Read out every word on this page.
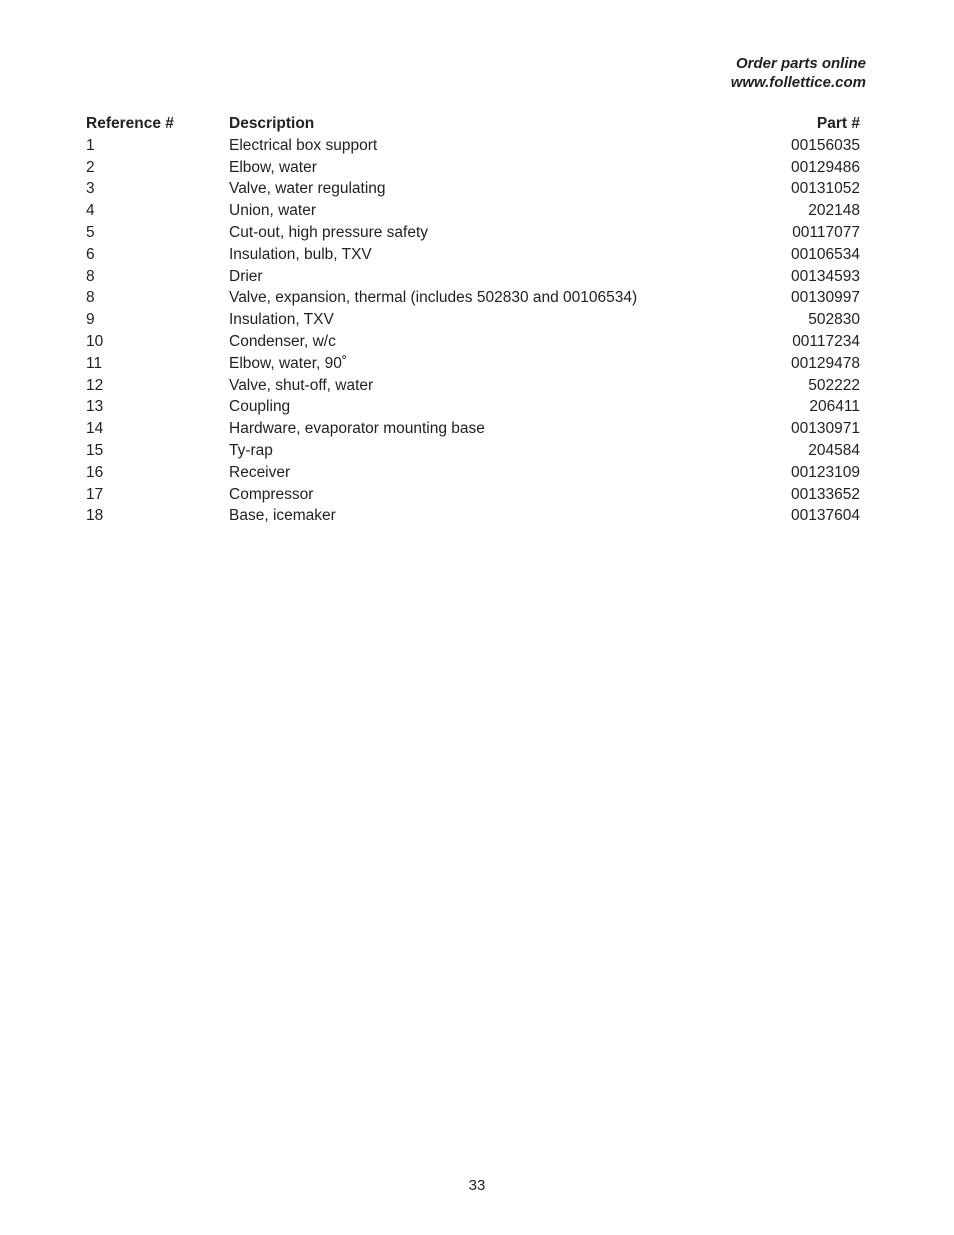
Order parts online
www.follettice.com
Reference #	Description	Part #
1	Electrical box support	00156035
2	Elbow, water	00129486
3	Valve, water regulating	00131052
4	Union, water	202148
5	Cut-out, high pressure safety	00117077
6	Insulation, bulb, TXV	00106534
8	Drier	00134593
8	Valve, expansion, thermal (includes 502830 and 00106534)	00130997
9	Insulation, TXV	502830
10	Condenser, w/c	00117234
11	Elbow, water, 90˚	00129478
12	Valve, shut-off, water	502222
13	Coupling	206411
14	Hardware, evaporator mounting base	00130971
15	Ty-rap	204584
16	Receiver	00123109
17	Compressor	00133652
18	Base, icemaker	00137604
33
